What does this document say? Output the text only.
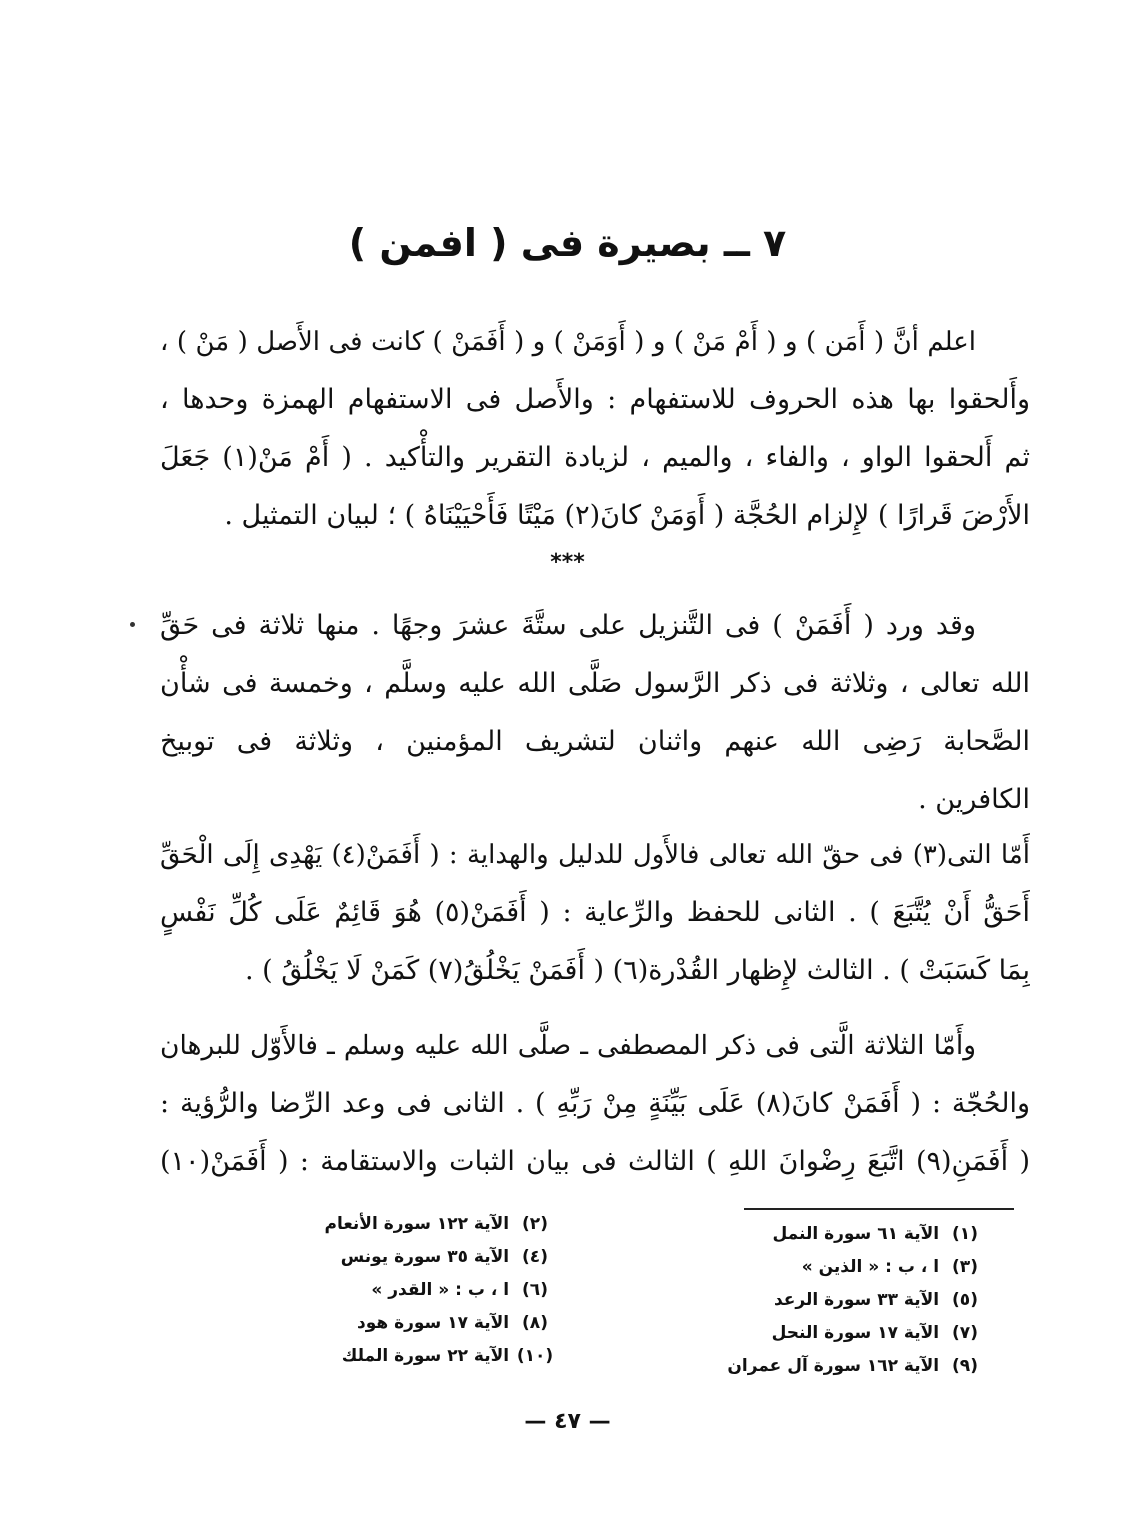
٧ ــ بصيرة فى ( افمن )
اعلم أنَّ ( أَمَن ) و ( أَمْ مَنْ ) و ( أَوَمَنْ ) و ( أَفَمَنْ ) كانت فى الأَصل ( مَنْ ) ،
وأَلحقوا بها هذه الحروف للاستفهام : والأَصل فى الاستفهام الهمزة وحدها ،
ثم أَلحقوا الواو ، والفاء ، والميم ، لزيادة التقرير والتأْكيد . ( أَمْ مَنْ(١) جَعَلَ
الأَرْضَ قَرارًا ) لإِلزام الحُجَّة ( أَوَمَنْ كانَ(٢) مَيْتًا فَأَحْيَيْنَاهُ ) ؛ لبيان التمثيل .
***
وقد ورد ( أَفَمَنْ ) فى التَّنزيل على ستَّةَ عشرَ وجهًا . منها ثلاثة فى حَقِّ
الله تعالى ، وثلاثة فى ذكر الرَّسول صَلَّى الله عليه وسلَّم ، وخمسة فى شأْن
الصَّحابة رَضِى الله عنهم واثنان لتشريف المؤمنين ، وثلاثة فى توبيخ
الكافرين .
أَمّا التى(٣) فى حقّ الله تعالى فالأَول للدليل والهداية : ( أَفَمَنْ(٤) يَهْدِى إِلَى الْحَقِّ
أَحَقُّ أَنْ يُتَّبَعَ ) . الثانى للحفظ والرِّعاية : ( أَفَمَنْ(٥) هُوَ قَائِمٌ عَلَى كُلِّ نَفْسٍ
بِمَا كَسَبَتْ ) . الثالث لإِظهار القُدْرة(٦) ( أَفَمَنْ يَخْلُقُ(٧) كَمَنْ لَا يَخْلُقُ ) .
وأَمّا الثلاثة الَّتى فى ذكر المصطفى ـ صلَّى الله عليه وسلم ـ فالأَوّل للبرهان
والحُجّة : ( أَفَمَنْ كانَ(٨) عَلَى بَيِّنَةٍ مِنْ رَبِّهِ ) . الثانى فى وعد الرِّضا والرُّؤية :
( أَفَمَنِ(٩) اتَّبَعَ رِضْوانَ اللهِ ) الثالث فى بيان الثبات والاستقامة : ( أَفَمَنْ(١٠)
(١) الآية ٦١ سورة النمل
(٣) ا ، ب : « الذين »
(٥) الآية ٣٣ سورة الرعد
(٧) الآية ١٧ سورة النحل
(٩) الآية ١٦٢ سورة آل عمران
(٢) الآية ١٢٢ سورة الأنعام
(٤) الآية ٣٥ سورة يونس
(٦) ا ، ب : « القدر »
(٨) الآية ١٧ سورة هود
(١٠) الآية ٢٢ سورة الملك
— ٤٧ —
